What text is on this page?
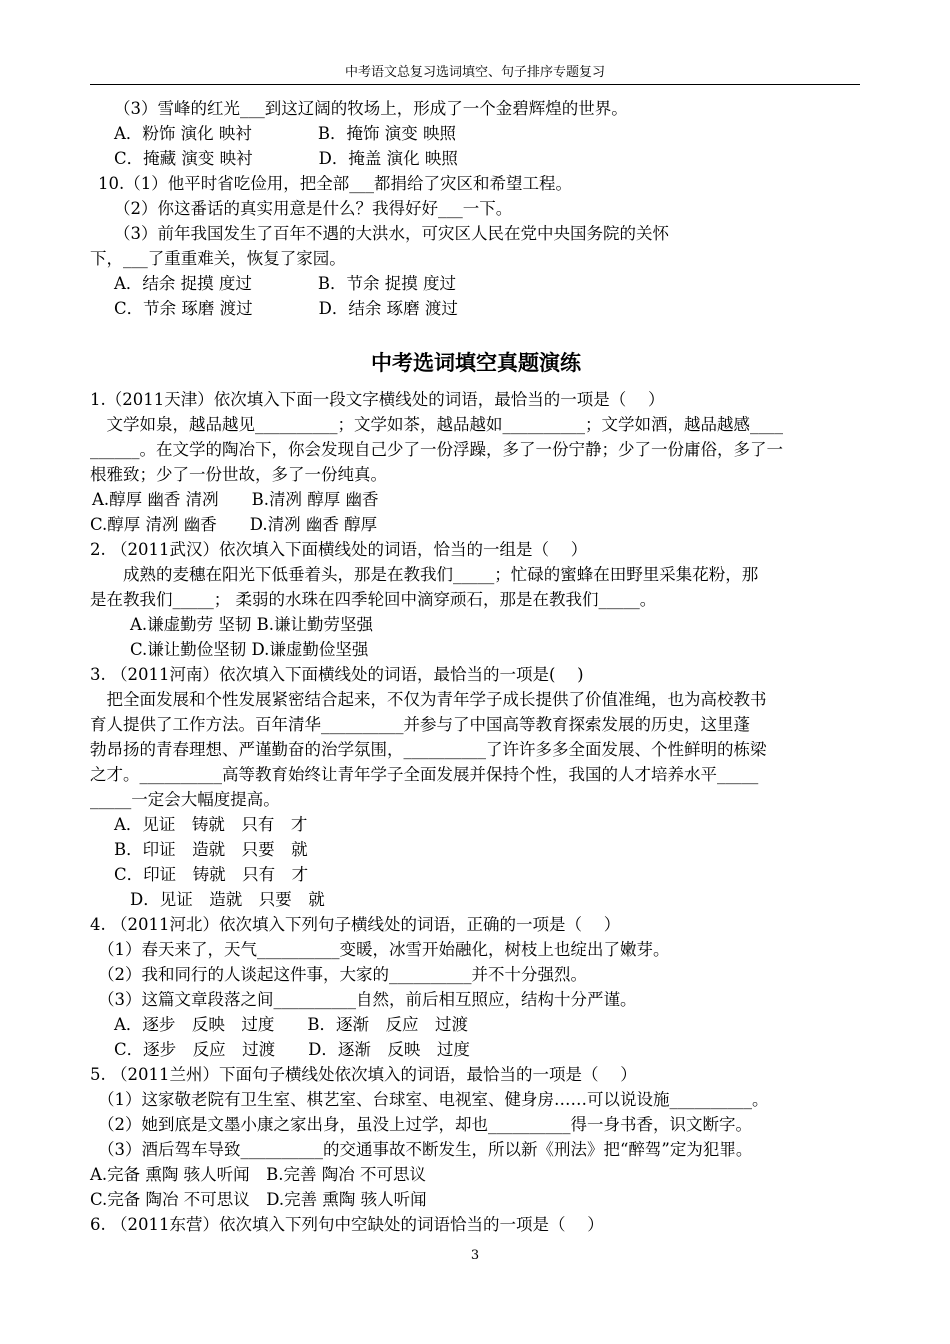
中考语文总复习选词填空、句子排序专题复习
（3）雪峰的红光___到这辽阔的牧场上，形成了一个金碧辉煌的世界。
A．粉饰 演化 映衬　　　　B．掩饰 演变 映照
C．掩藏 演变 映衬　　　　D．掩盖 演化 映照
10.（1）他平时省吃俭用，把全部___都捐给了灾区和希望工程。
（2）你这番话的真实用意是什么？我得好好___一下。
（3）前年我国发生了百年不遇的大洪水，可灾区人民在党中央国务院的关怀
下，___了重重难关，恢复了家园。
A．结余 捉摸 度过　　　　B．节余 捉摸 度过
C．节余 琢磨 渡过　　　　D．结余 琢磨 渡过
中考选词填空真题演练
1.（2011天津）依次填入下面一段文字横线处的词语，最恰当的一项是（　 ）
　文学如泉，越品越见__________；文学如茶，越品越如__________；文学如酒，越品越感____
______。在文学的陶冶下，你会发现自己少了一份浮躁，多了一份宁静；少了一份庸俗，多了一
根雅致；少了一份世故，多了一份纯真。
A.醇厚 幽香 清冽　　B.清冽 醇厚 幽香
C.醇厚 清冽 幽香　　D.清冽 幽香 醇厚
2. （2011武汉）依次填入下面横线处的词语，恰当的一组是（　 ）
　　成熟的麦穗在阳光下低垂着头，那是在教我们_____；忙碌的蜜蜂在田野里采集花粉，那
是在教我们_____； 柔弱的水珠在四季轮回中滴穿顽石，那是在教我们_____。
A.谦虚勤劳 坚韧 B.谦让勤劳坚强
C.谦让勤俭坚韧 D.谦虚勤俭坚强
3. （2011河南）依次填入下面横线处的词语，最恰当的一项是(　 )
　把全面发展和个性发展紧密结合起来，不仅为青年学子成长提供了价值准绳，也为高校教书
育人提供了工作方法。百年清华__________并参与了中国高等教育探索发展的历史，这里蓬
勃昂扬的青春理想、严谨勤奋的治学氛围，__________了许许多多全面发展、个性鲜明的栋梁
之才。__________高等教育始终让青年学子全面发展并保持个性，我国的人才培养水平_____
_____一定会大幅度提高。
A．见证　铸就　只有　才
B．印证　造就　只要　就
C．印证　铸就　只有　才
D．见证　造就　只要　就
4. （2011河北）依次填入下列句子横线处的词语，正确的一项是（　 ）
（1）春天来了，天气__________变暖，冰雪开始融化，树枝上也绽出了嫩芽。
（2）我和同行的人谈起这件事，大家的__________并不十分强烈。
（3）这篇文章段落之间__________自然，前后相互照应，结构十分严谨。
A．逐步　反映　过度　　B．逐渐　反应　过渡
C．逐步　反应　过渡　　D．逐渐　反映　过度
5. （2011兰州）下面句子横线处依次填入的词语，最恰当的一项是（　 ）
（1）这家敬老院有卫生室、棋艺室、台球室、电视室、健身房……可以说设施__________。
（2）她到底是文墨小康之家出身，虽没上过学，却也__________得一身书香，识文断字。
（3）酒后驾车导致__________的交通事故不断发生，所以新《刑法》把“醉驾”定为犯罪。
A.完备 熏陶 骇人听闻　B.完善 陶冶 不可思议
C.完备 陶冶 不可思议　D.完善 熏陶 骇人听闻
6. （2011东营）依次填入下列句中空缺处的词语恰当的一项是（　 ）
3
